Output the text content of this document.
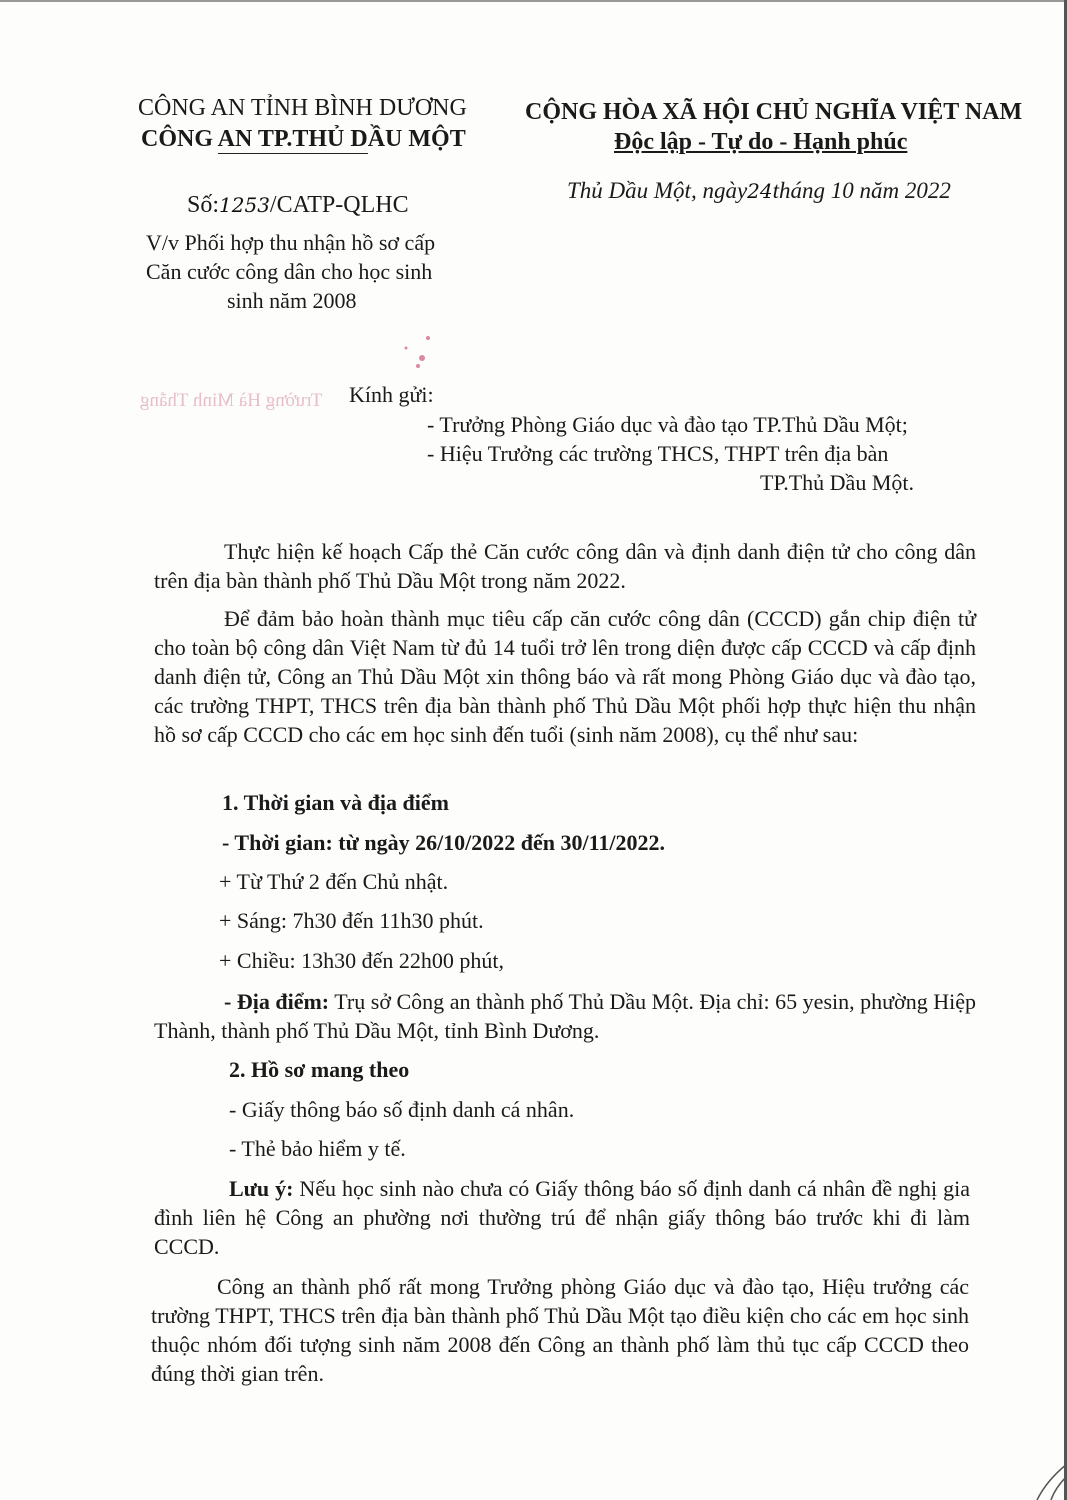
CÔNG AN TỈNH BÌNH DƯƠNG
CÔNG AN TP.THỦ DẦU MỘT
CỘNG HÒA XÃ HỘI CHỦ NGHĨA VIỆT NAM
Độc lập - Tự do - Hạnh phúc
Số:1253/CATP-QLHC
Thủ Dầu Một, ngày24tháng 10 năm 2022
V/v Phối hợp thu nhận hồ sơ cấp
Căn cước công dân cho học sinh
sinh năm 2008
Trường Hà Minh Thắng Kính gửi:
- Trưởng Phòng Giáo dục và đào tạo TP.Thủ Dầu Một;
- Hiệu Trưởng các trường THCS, THPT trên địa bàn
TP.Thủ Dầu Một.
Thực hiện kế hoạch Cấp thẻ Căn cước công dân và định danh điện tử cho công dân trên địa bàn thành phố Thủ Dầu Một trong năm 2022.
Để đảm bảo hoàn thành mục tiêu cấp căn cước công dân (CCCD) gắn chip điện tử cho toàn bộ công dân Việt Nam từ đủ 14 tuổi trở lên trong diện được cấp CCCD và cấp định danh điện tử, Công an Thủ Dầu Một xin thông báo và rất mong Phòng Giáo dục và đào tạo, các trường THPT, THCS trên địa bàn thành phố Thủ Dầu Một phối hợp thực hiện thu nhận hồ sơ cấp CCCD cho các em học sinh đến tuổi (sinh năm 2008), cụ thể như sau:
1. Thời gian và địa điểm
- Thời gian: từ ngày 26/10/2022 đến 30/11/2022.
+ Từ Thứ 2 đến Chủ nhật.
+ Sáng: 7h30 đến 11h30 phút.
+ Chiều: 13h30 đến 22h00 phút,
- Địa điểm: Trụ sở Công an thành phố Thủ Dầu Một. Địa chỉ: 65 yesin, phường Hiệp Thành, thành phố Thủ Dầu Một, tỉnh Bình Dương.
2. Hồ sơ mang theo
- Giấy thông báo số định danh cá nhân.
- Thẻ bảo hiểm y tế.
Lưu ý: Nếu học sinh nào chưa có Giấy thông báo số định danh cá nhân đề nghị gia đình liên hệ Công an phường nơi thường trú để nhận giấy thông báo trước khi đi làm CCCD.
Công an thành phố rất mong Trưởng phòng Giáo dục và đào tạo, Hiệu trưởng các trường THPT, THCS trên địa bàn thành phố Thủ Dầu Một tạo điều kiện cho các em học sinh thuộc nhóm đối tượng sinh năm 2008 đến Công an thành phố làm thủ tục cấp CCCD theo đúng thời gian trên.
